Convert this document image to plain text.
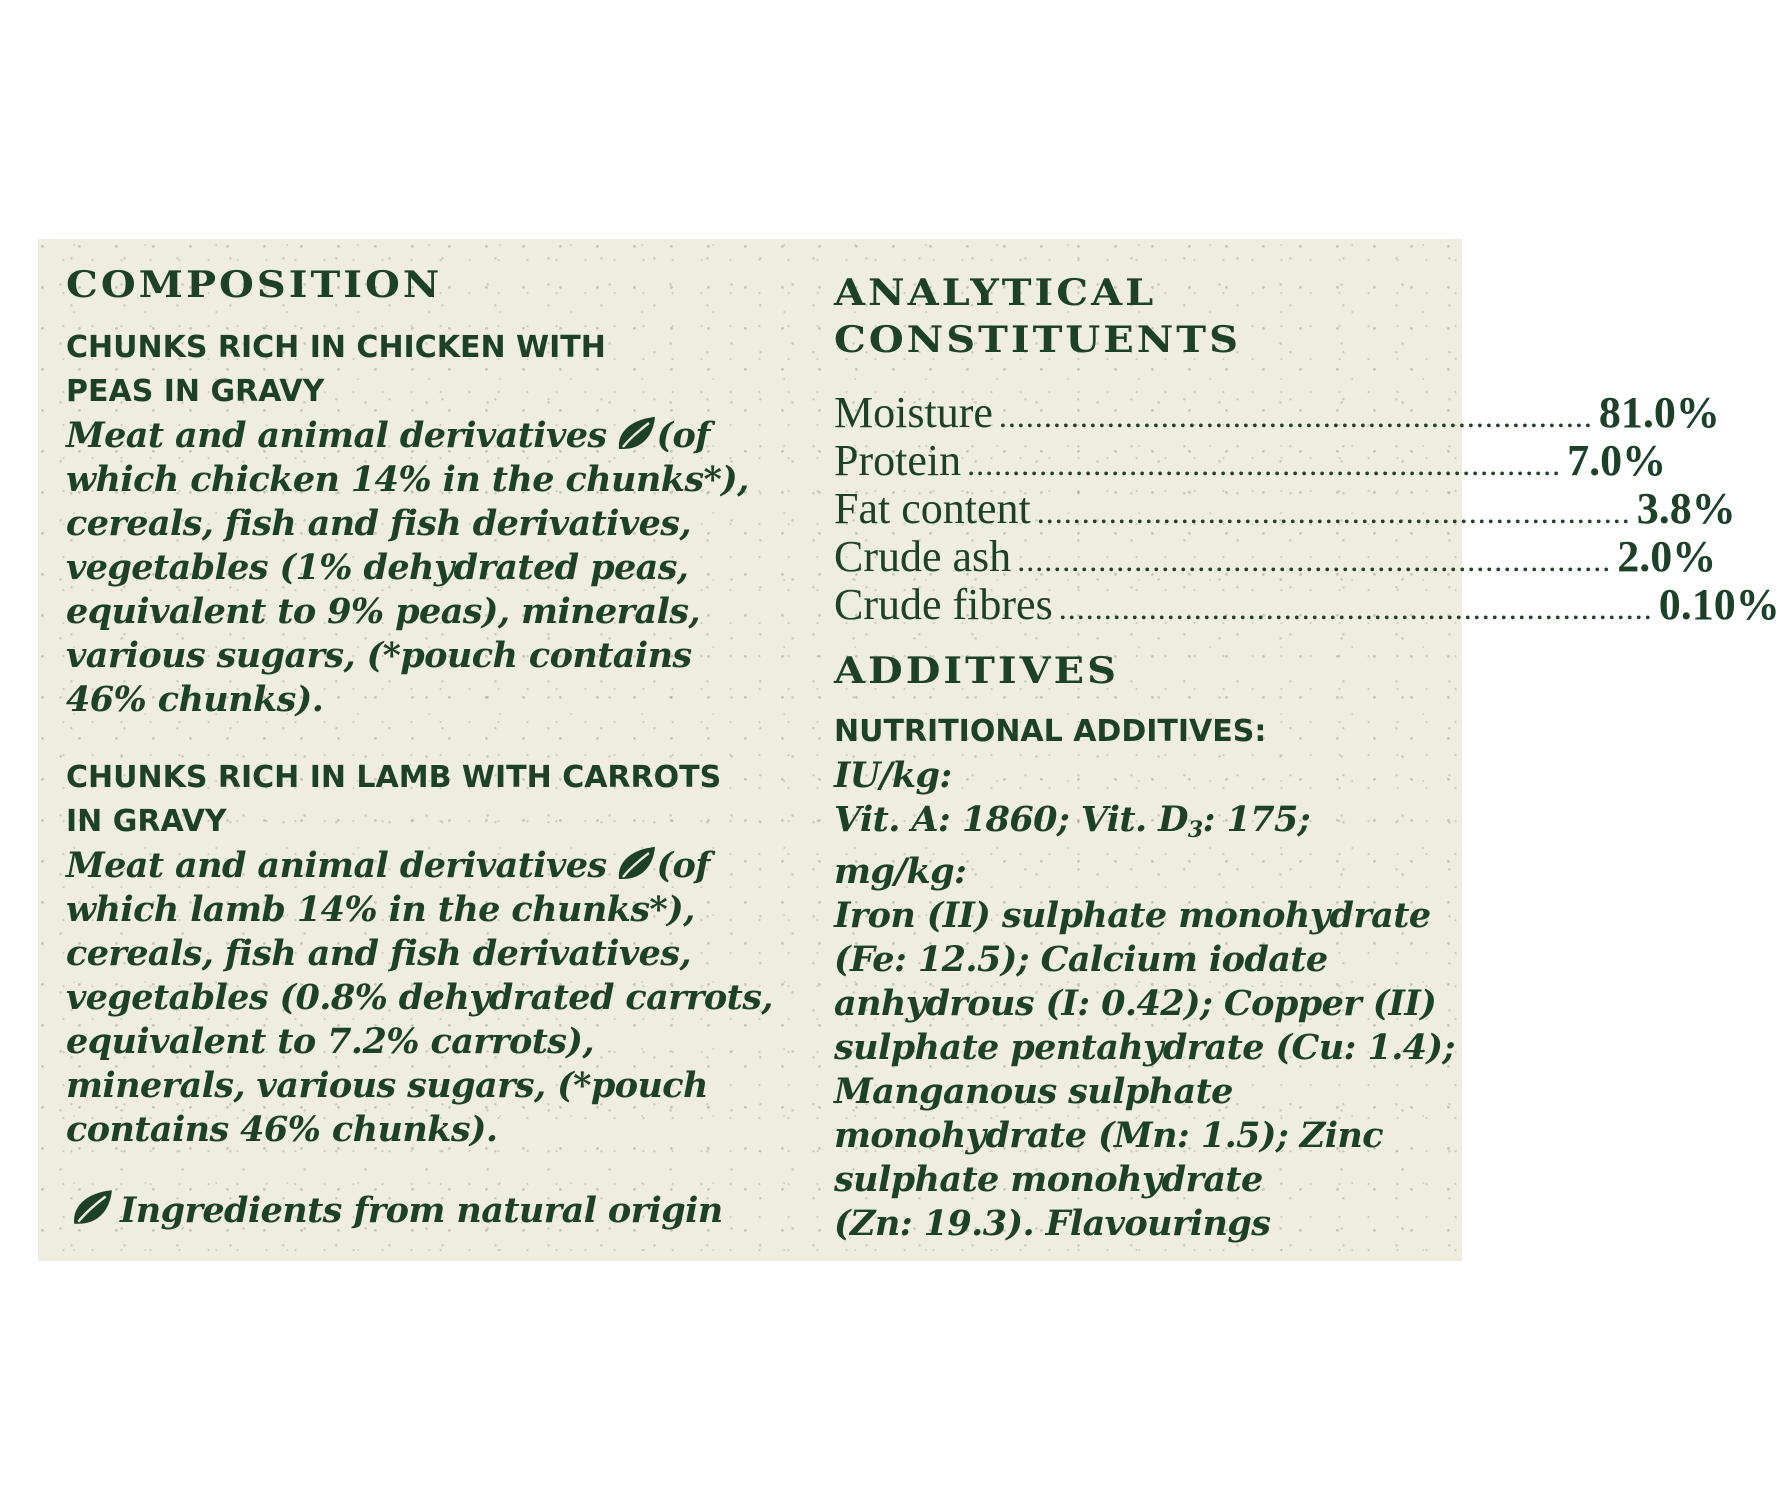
COMPOSITION
CHUNKS RICH IN CHICKEN WITH
PEAS IN GRAVY
Meat and animal derivatives (of
which chicken 14% in the chunks*),
cereals, fish and fish derivatives,
vegetables (1% dehydrated peas,
equivalent to 9% peas), minerals,
various sugars, (*pouch contains
46% chunks).
CHUNKS RICH IN LAMB WITH CARROTS
IN GRAVY
Meat and animal derivatives (of
which lamb 14% in the chunks*),
cereals, fish and fish derivatives,
vegetables (0.8% dehydrated carrots,
equivalent to 7.2% carrots),
minerals, various sugars, (*pouch
contains 46% chunks).
Ingredients from natural origin
ANALYTICAL
CONSTITUENTS
Moisture .................................................................. 81.0%
Protein .................................................................. 7.0%
Fat content .................................................................. 3.8%
Crude ash .................................................................. 2.0%
Crude fibres .................................................................. 0.10%
ADDITIVES
NUTRITIONAL ADDITIVES:
IU/kg:
Vit. A: 1860; Vit. $D_3$: 175;
mg/kg:
Iron (II) sulphate monohydrate
(Fe: 12.5); Calcium iodate
anhydrous (I: 0.42); Copper (II)
sulphate pentahydrate (Cu: 1.4);
Manganous sulphate
monohydrate (Mn: 1.5); Zinc
sulphate monohydrate
(Zn: 19.3). Flavourings
